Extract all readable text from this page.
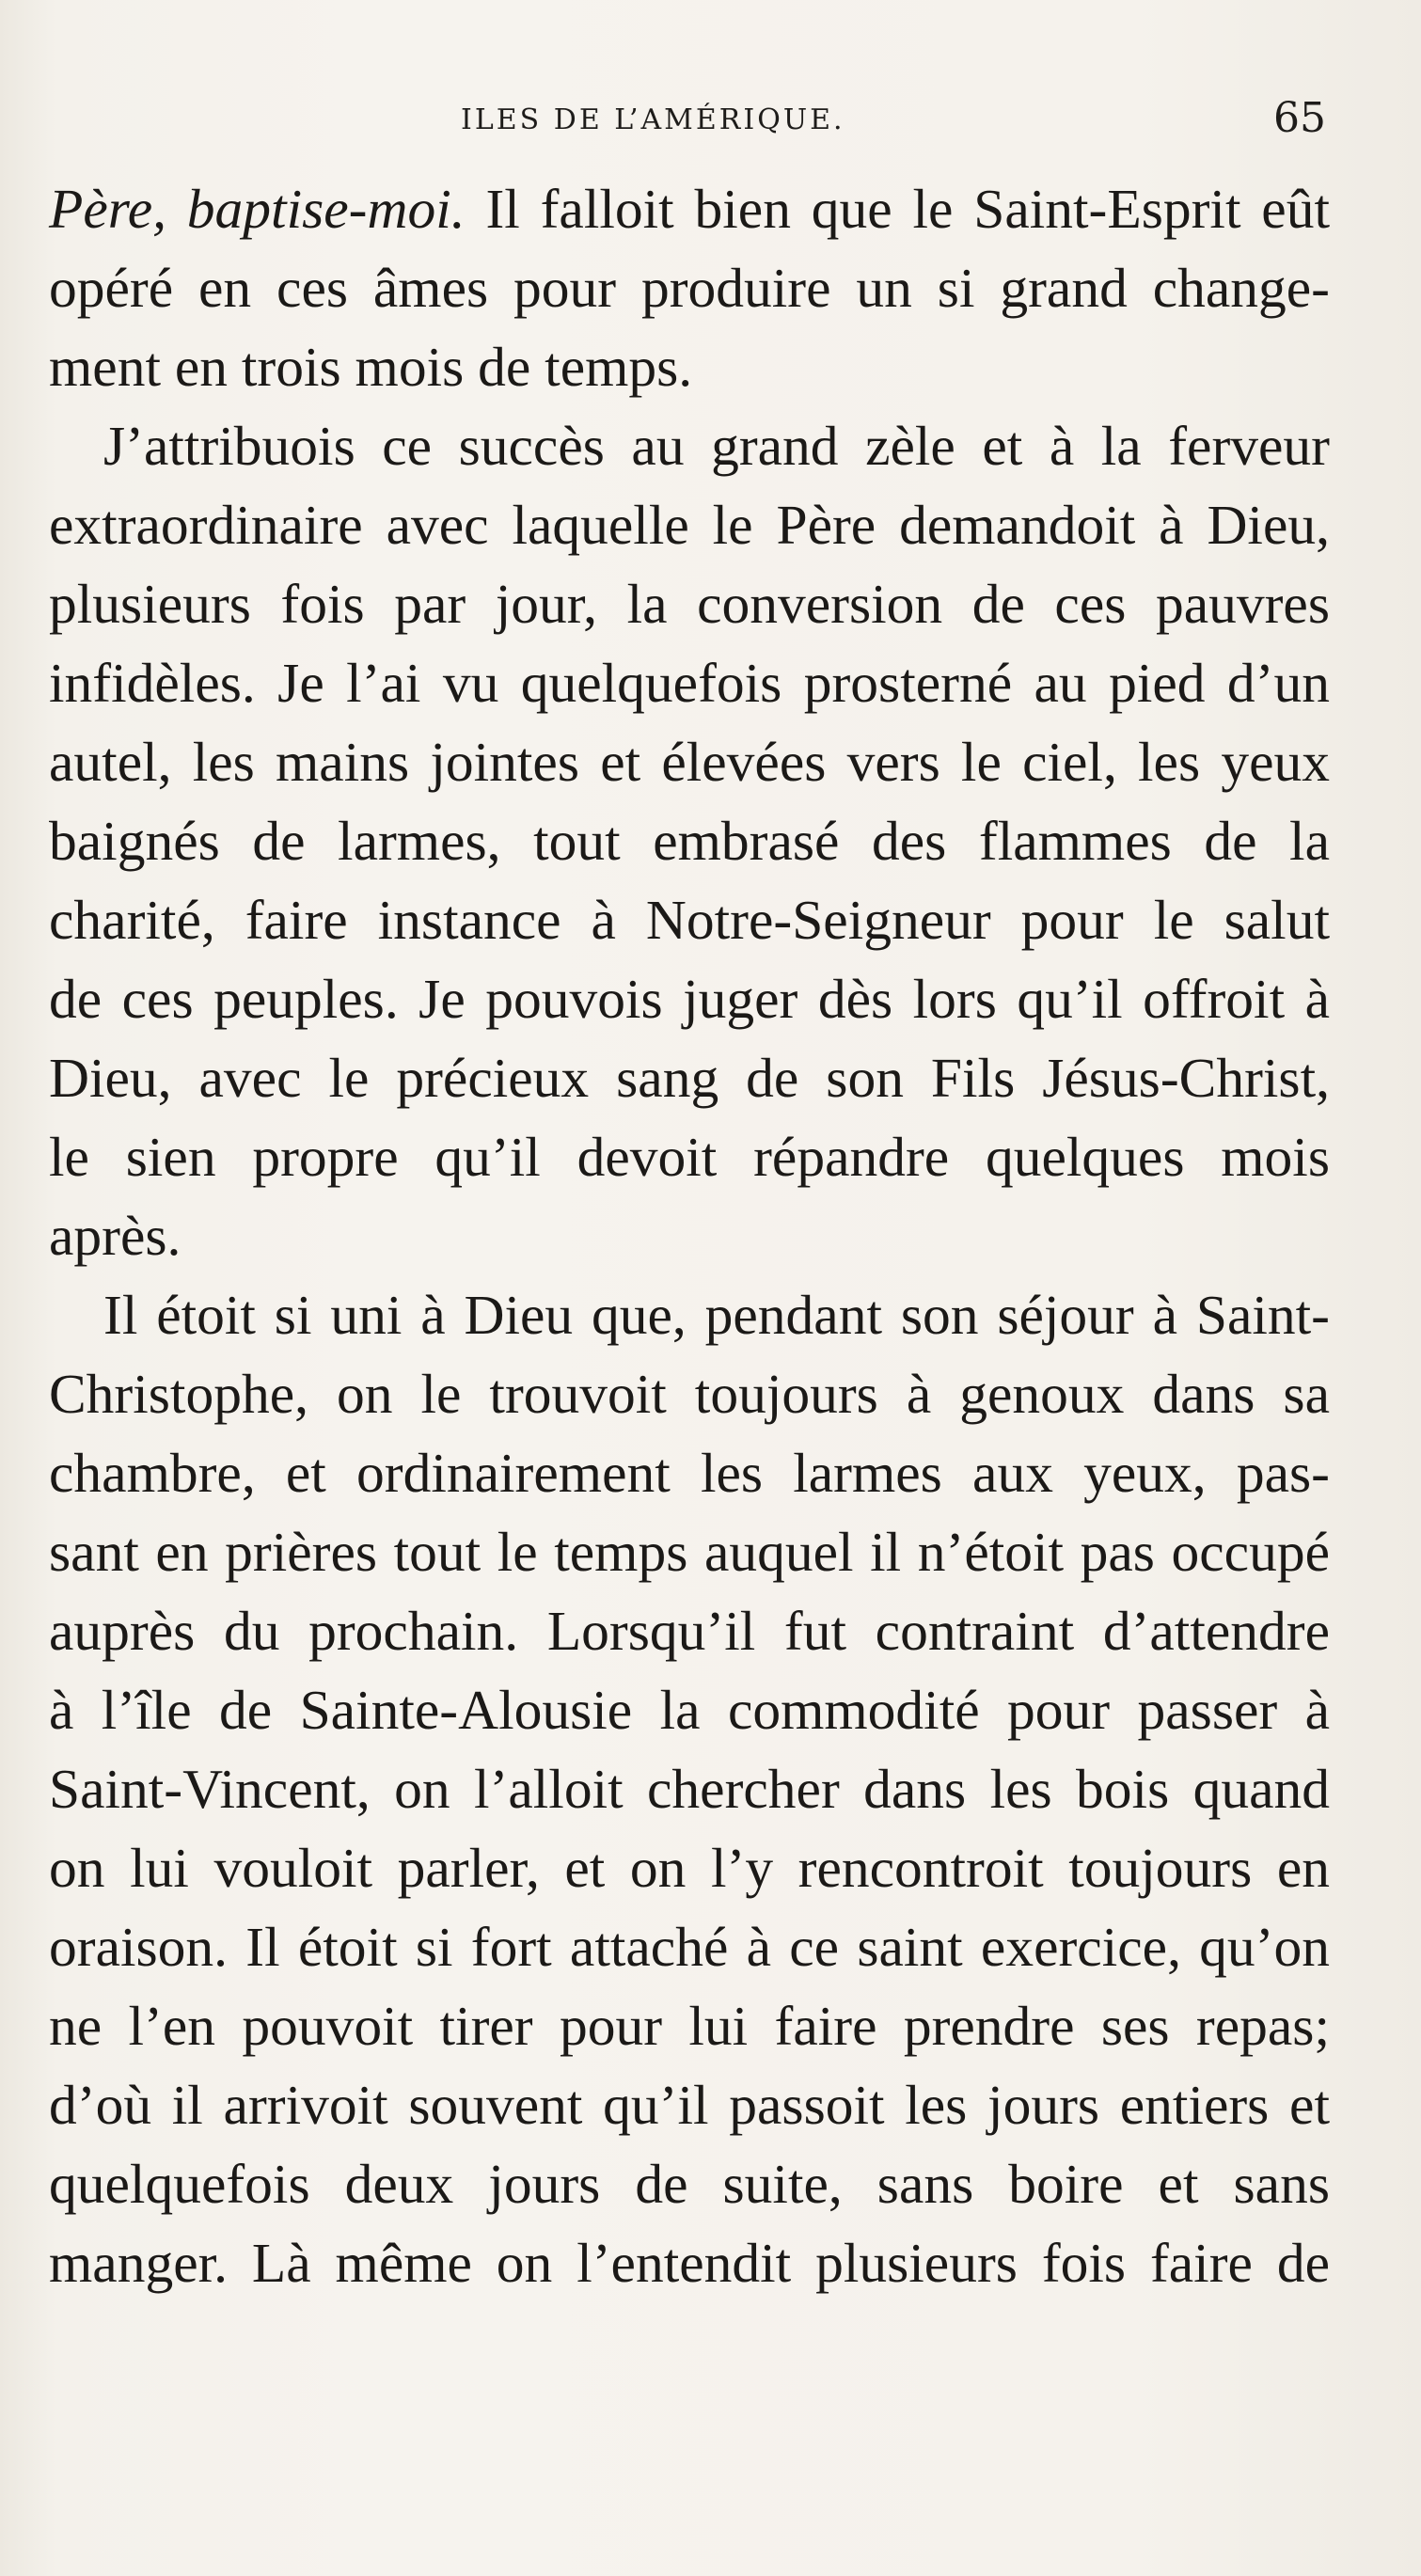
ILES DE L’AMÉRIQUE.	65
Père, baptise-moi. Il falloit bien que le Saint-Esprit eût
opéré en ces âmes pour produire un si grand change-
ment en trois mois de temps.
J’attribuois ce succès au grand zèle et à la ferveur
extraordinaire avec laquelle le Père demandoit à Dieu,
plusieurs fois par jour, la conversion de ces pauvres
infidèles. Je l’ai vu quelquefois prosterné au pied d’un
autel, les mains jointes et élevées vers le ciel, les yeux
baignés de larmes, tout embrasé des flammes de la
charité, faire instance à Notre-Seigneur pour le salut
de ces peuples. Je pouvois juger dès lors qu’il offroit à
Dieu, avec le précieux sang de son Fils Jésus-Christ,
le sien propre qu’il devoit répandre quelques mois
après.
Il étoit si uni à Dieu que, pendant son séjour à Saint-
Christophe, on le trouvoit toujours à genoux dans sa
chambre, et ordinairement les larmes aux yeux, pas-
sant en prières tout le temps auquel il n’étoit pas occupé
auprès du prochain. Lorsqu’il fut contraint d’attendre
à l’île de Sainte-Alousie la commodité pour passer à
Saint-Vincent, on l’alloit chercher dans les bois quand
on lui vouloit parler, et on l’y rencontroit toujours en
oraison. Il étoit si fort attaché à ce saint exercice, qu’on
ne l’en pouvoit tirer pour lui faire prendre ses repas;
d’où il arrivoit souvent qu’il passoit les jours entiers et
quelquefois deux jours de suite, sans boire et sans
manger. Là même on l’entendit plusieurs fois faire de
